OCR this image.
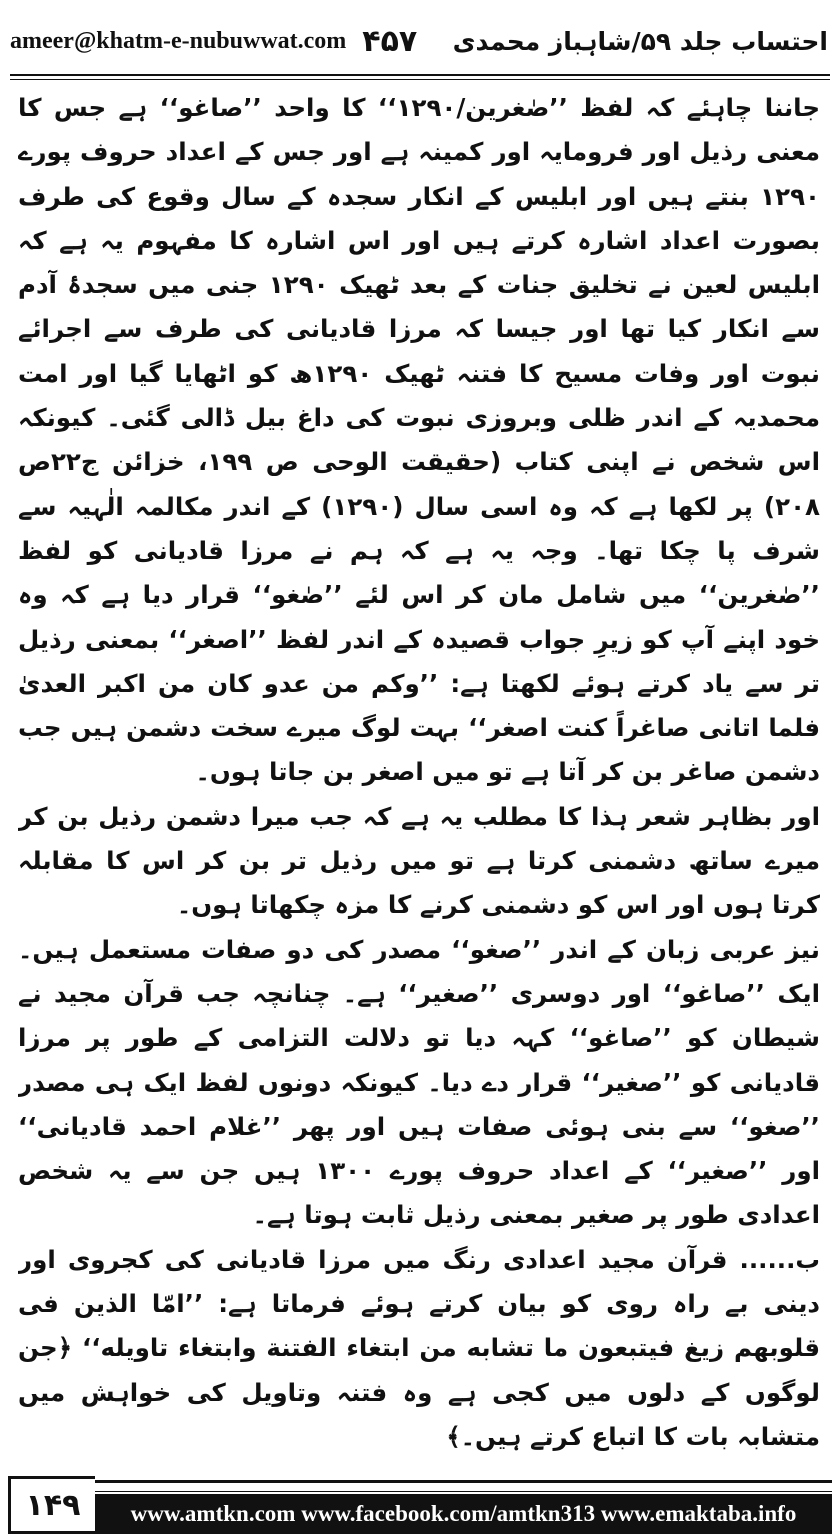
ameer@khatm-e-nubuwwat.com ۴۵۷ احتساب جلد ۵۹/شاہباز محمدی

جاننا چاہئے کہ لفظ ’’صٰغرین/۱۲۹۰‘‘ کا واحد ’’صاغو‘‘ ہے جس کا معنی رذیل اور فرومایہ اور کمینہ ہے اور جس کے اعداد حروف پورے ۱۲۹۰ بنتے ہیں اور ابلیس کے انکار سجدہ کے سال وقوع کی طرف بصورت اعداد اشارہ کرتے ہیں اور اس اشارہ کا مفہوم یہ ہے کہ ابلیس لعین نے تخلیق جنات کے بعد ٹھیک ۱۲۹۰ جنی میں سجدۂ آدم سے انکار کیا تھا اور جیسا کہ مرزا قادیانی کی طرف سے اجرائے نبوت اور وفات مسیح کا فتنہ ٹھیک ۱۲۹۰ھ کو اٹھایا گیا اور امت محمدیہ کے اندر ظلی وبروزی نبوت کی داغ بیل ڈالی گئی۔ کیونکہ اس شخص نے اپنی کتاب (حقیقت الوحی ص ۱۹۹، خزائن ج۲۲ص ۲۰۸) پر لکھا ہے کہ وہ اسی سال (۱۲۹۰) کے اندر مکالمہ الٰہیہ سے شرف پا چکا تھا۔ وجہ یہ ہے کہ ہم نے مرزا قادیانی کو لفظ ’’صٰغرین‘‘ میں شامل مان کر اس لئے ’’صٰغو‘‘ قرار دیا ہے کہ وہ خود اپنے آپ کو زیرِ جواب قصیدہ کے اندر لفظ ’’اصغر‘‘ بمعنی رذیل تر سے یاد کرتے ہوئے لکھتا ہے: ’’وکم من عدو کان من اکبر العدیٰ فلما اتانی صاغراً کنت اصغر‘‘ بہت لوگ میرے سخت دشمن ہیں جب دشمن صاغر بن کر آتا ہے تو میں اصغر بن جاتا ہوں۔

اور بظاہر شعر ہذا کا مطلب یہ ہے کہ جب میرا دشمن رذیل بن کر میرے ساتھ دشمنی کرتا ہے تو میں رذیل تر بن کر اس کا مقابلہ کرتا ہوں اور اس کو دشمنی کرنے کا مزہ چکھاتا ہوں۔

نیز عربی زبان کے اندر ’’صغو‘‘ مصدر کی دو صفات مستعمل ہیں۔ ایک ’’صاغو‘‘ اور دوسری ’’صغیر‘‘ ہے۔ چنانچہ جب قرآن مجید نے شیطان کو ’’صاغو‘‘ کہہ دیا تو دلالت التزامی کے طور پر مرزا قادیانی کو ’’صغیر‘‘ قرار دے دیا۔ کیونکہ دونوں لفظ ایک ہی مصدر ’’صغو‘‘ سے بنی ہوئی صفات ہیں اور پھر ’’غلام احمد قادیانی‘‘ اور ’’صغیر‘‘ کے اعداد حروف پورے ۱۳۰۰ ہیں جن سے یہ شخص اعدادی طور پر صغیر بمعنی رذیل ثابت ہوتا ہے۔

ب...... قرآن مجید اعدادی رنگ میں مرزا قادیانی کی کجروی اور دینی بے راہ روی کو بیان کرتے ہوئے فرماتا ہے: ’’امّا الذین فی قلوبھم زیغ فیتبعون ما تشابه من ابتغاء الفتنة وابتغاء تاویله‘‘ ﴿جن لوگوں کے دلوں میں کجی ہے وہ فتنہ وتاویل کی خواہش میں متشابہ بات کا اتباع کرتے ہیں۔﴾

۱۴۹	www.amtkn.com www.facebook.com/amtkn313 www.emaktaba.info
